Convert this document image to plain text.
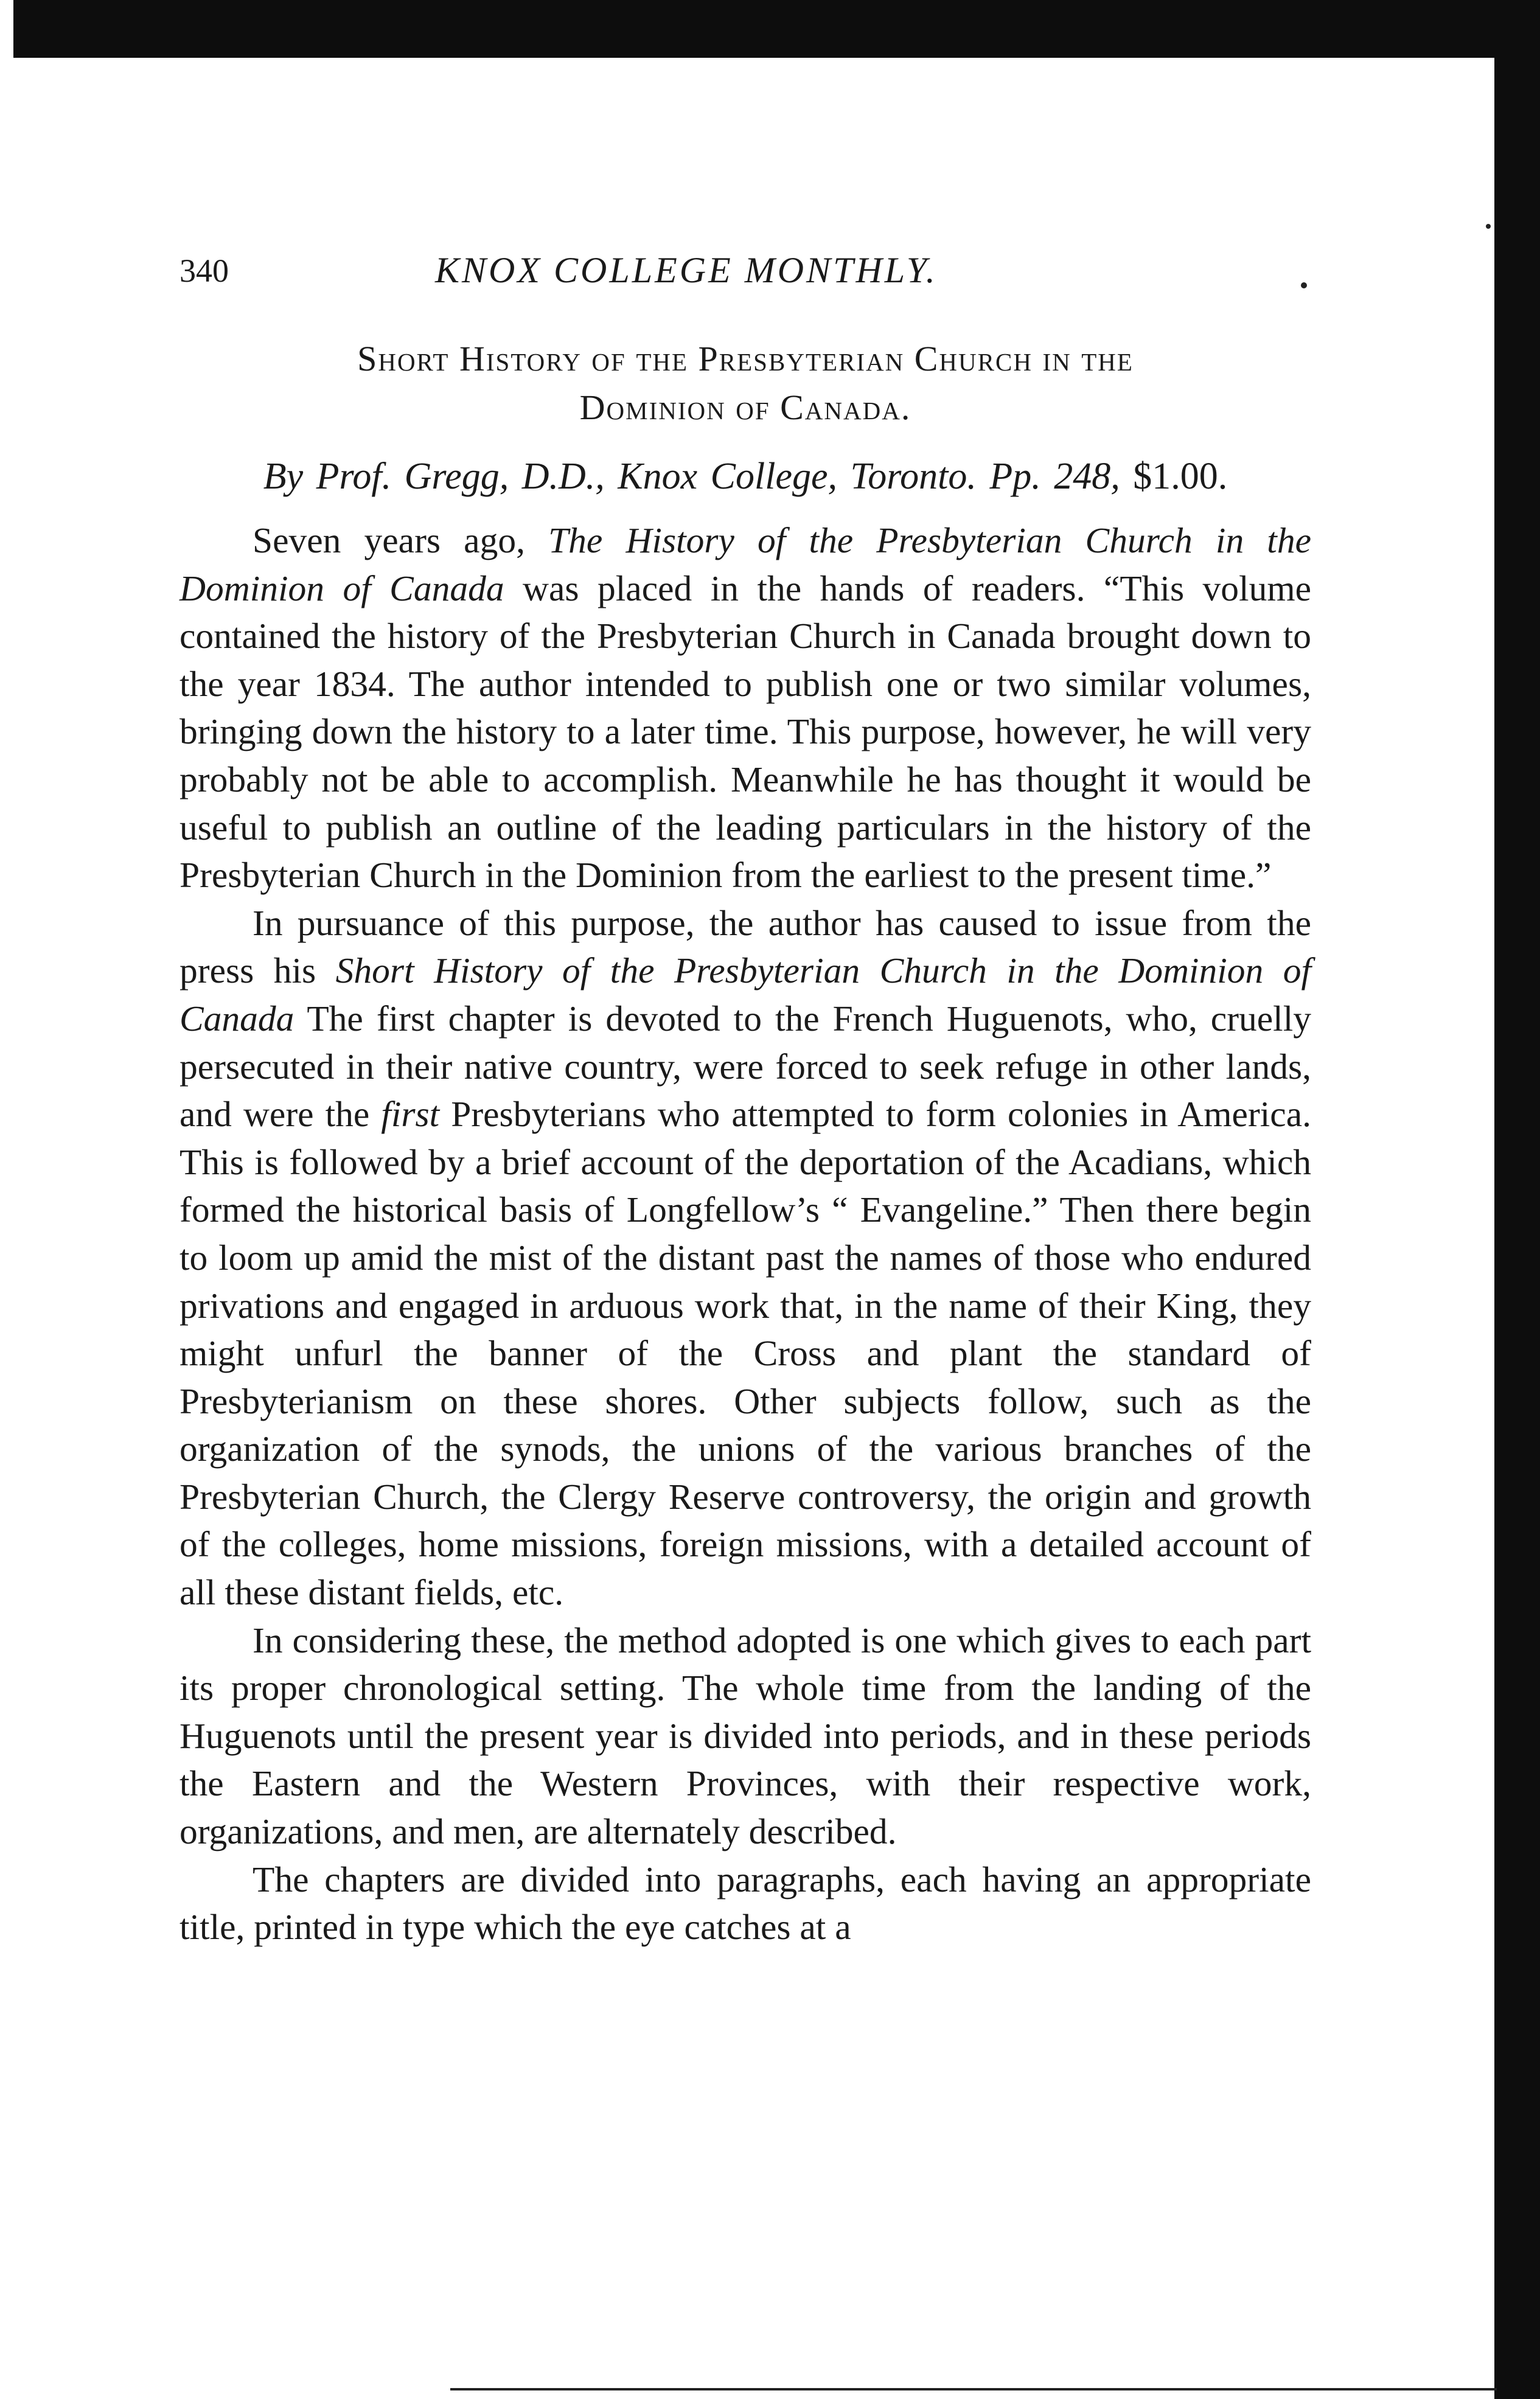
340	KNOX COLLEGE MONTHLY.
Short History of the Presbyterian Church in the
Dominion of Canada.
By Prof. Gregg, D.D., Knox College, Toronto. Pp. 248, $1.00.

Seven years ago, The History of the Presbyterian Church in the Dominion of Canada was placed in the hands of readers. “This volume contained the history of the Presbyterian Church in Canada brought down to the year 1834. The author intended to publish one or two similar volumes, bringing down the history to a later time. This purpose, however, he will very probably not be able to accomplish. Meanwhile he has thought it would be useful to publish an outline of the leading particulars in the history of the Presbyterian Church in the Dominion from the earliest to the present time.”

In pursuance of this purpose, the author has caused to issue from the press his Short History of the Presbyterian Church in the Dominion of Canada The first chapter is devoted to the French Huguenots, who, cruelly persecuted in their native country, were forced to seek refuge in other lands, and were the first Presbyterians who attempted to form colonies in America. This is followed by a brief account of the deportation of the Acadians, which formed the historical basis of Longfellow’s “ Evangeline.” Then there begin to loom up amid the mist of the distant past the names of those who endured privations and engaged in arduous work that, in the name of their King, they might unfurl the banner of the Cross and plant the standard of Presbyterianism on these shores. Other subjects follow, such as the organization of the synods, the unions of the various branches of the Presbyterian Church, the Clergy Reserve controversy, the origin and growth of the colleges, home missions, foreign missions, with a detailed account of all these distant fields, etc.

In considering these, the method adopted is one which gives to each part its proper chronological setting. The whole time from the landing of the Huguenots until the present year is divided into periods, and in these periods the Eastern and the Western Provinces, with their respective work, organizations, and men, are alternately described.

The chapters are divided into paragraphs, each having an appropriate title, printed in type which the eye catches at a
